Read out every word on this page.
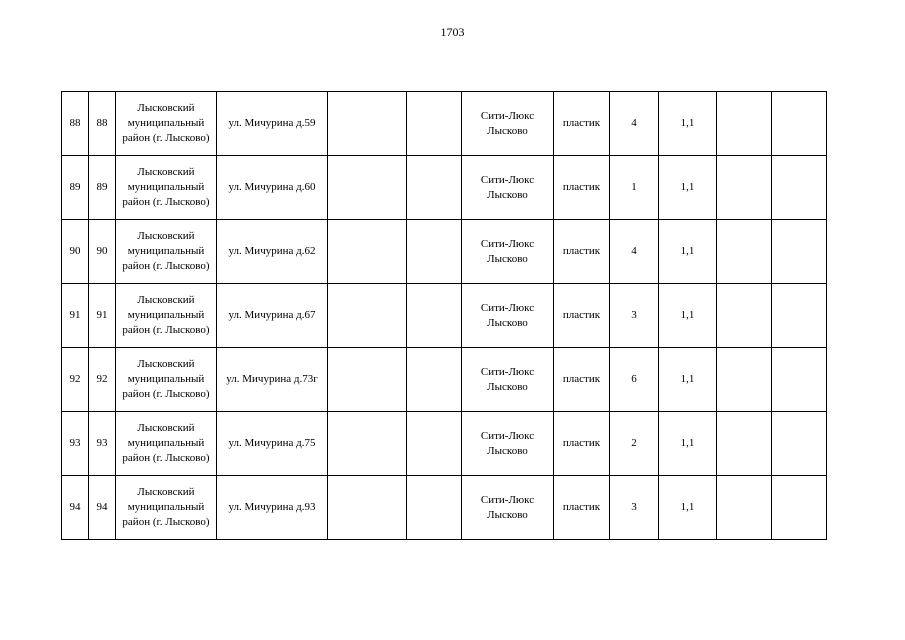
1703
88	88	Лысковский муниципальный район (г. Лысково)	ул. Мичурина д.59			Сити-Люкс Лысково	пластик	4	1,1		
89	89	Лысковский муниципальный район (г. Лысково)	ул. Мичурина д.60			Сити-Люкс Лысково	пластик	1	1,1		
90	90	Лысковский муниципальный район (г. Лысково)	ул. Мичурина д.62			Сити-Люкс Лысково	пластик	4	1,1		
91	91	Лысковский муниципальный район (г. Лысково)	ул. Мичурина д.67			Сити-Люкс Лысково	пластик	3	1,1		
92	92	Лысковский муниципальный район (г. Лысково)	ул. Мичурина д.73г			Сити-Люкс Лысково	пластик	6	1,1		
93	93	Лысковский муниципальный район (г. Лысково)	ул. Мичурина д.75			Сити-Люкс Лысково	пластик	2	1,1		
94	94	Лысковский муниципальный район (г. Лысково)	ул. Мичурина д.93			Сити-Люкс Лысково	пластик	3	1,1		
